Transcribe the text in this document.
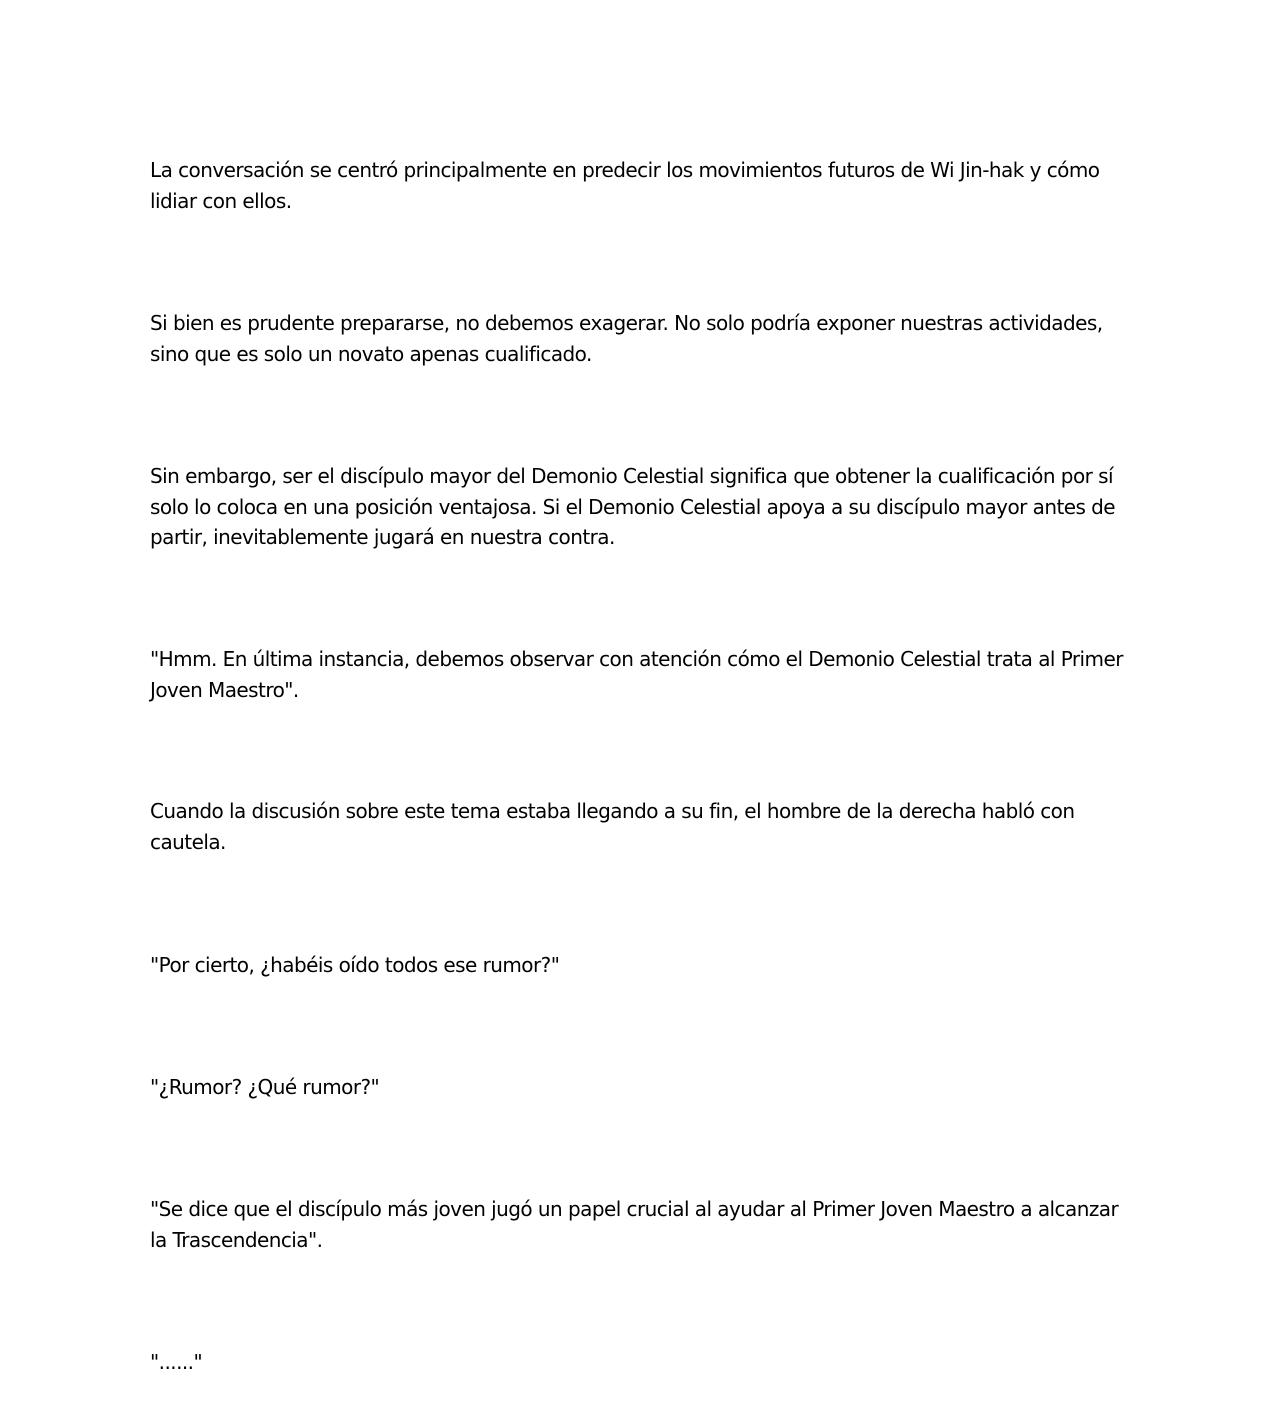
La conversación se centró principalmente en predecir los movimientos futuros de Wi Jin-hak y cómo lidiar con ellos.

Si bien es prudente prepararse, no debemos exagerar. No solo podría exponer nuestras actividades, sino que es solo un novato apenas cualificado.

Sin embargo, ser el discípulo mayor del Demonio Celestial significa que obtener la cualificación por sí solo lo coloca en una posición ventajosa. Si el Demonio Celestial apoya a su discípulo mayor antes de partir, inevitablemente jugará en nuestra contra.

"Hmm. En última instancia, debemos observar con atención cómo el Demonio Celestial trata al Primer Joven Maestro".

Cuando la discusión sobre este tema estaba llegando a su fin, el hombre de la derecha habló con cautela.

"Por cierto, ¿habéis oído todos ese rumor?"

"¿Rumor? ¿Qué rumor?"

"Se dice que el discípulo más joven jugó un papel crucial al ayudar al Primer Joven Maestro a alcanzar la Trascendencia".

"......"
